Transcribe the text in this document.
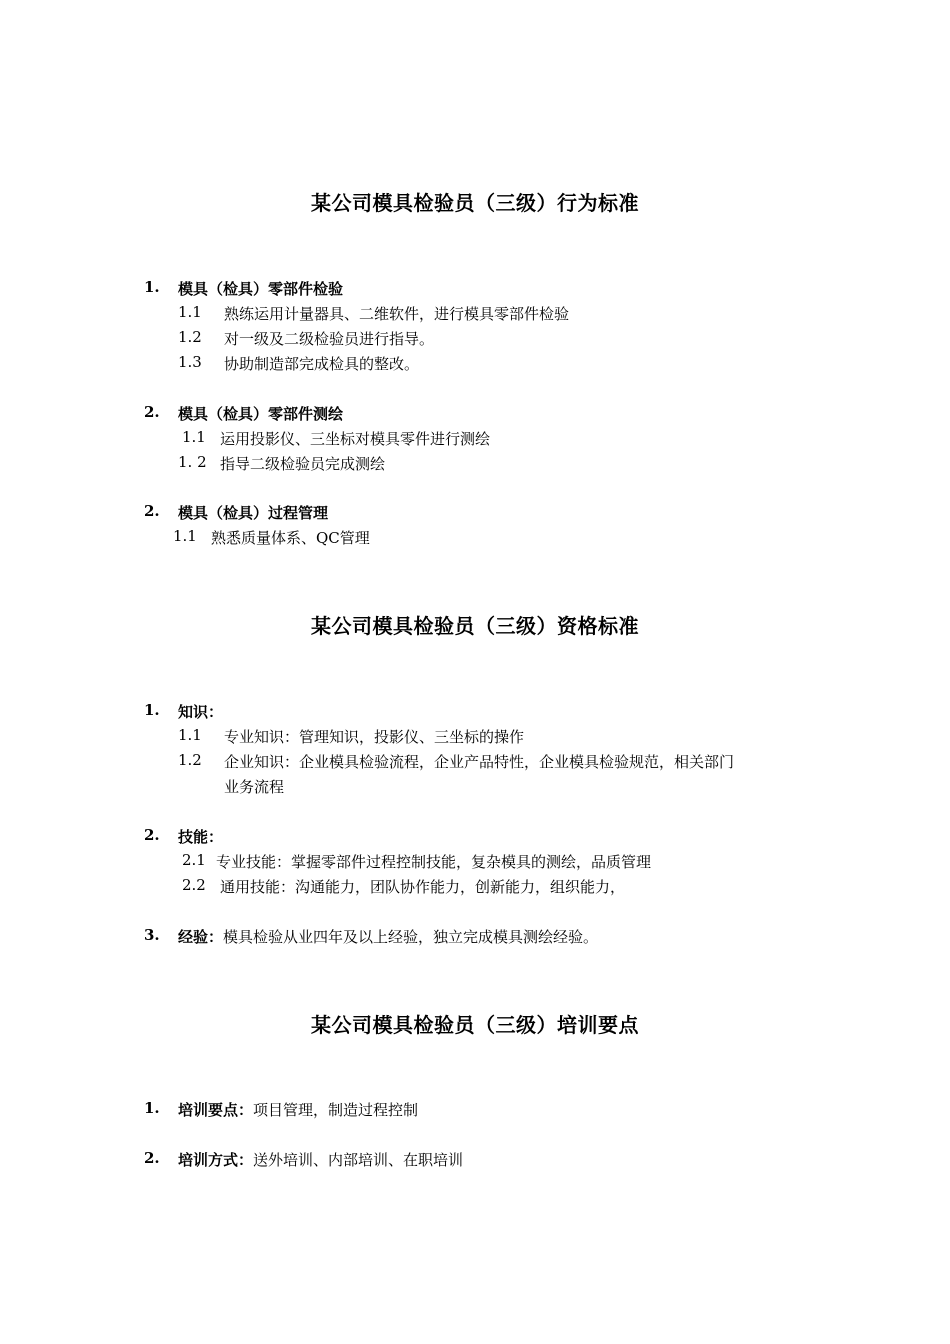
某公司模具检验员（三级）行为标准
1. 模具（检具）零部件检验
1.1 熟练运用计量器具、二维软件，进行模具零部件检验
1.2 对一级及二级检验员进行指导。
1.3 协助制造部完成检具的整改。
2. 模具（检具）零部件测绘
1.1 运用投影仪、三坐标对模具零件进行测绘
1. 2 指导二级检验员完成测绘
2. 模具（检具）过程管理
1.1 熟悉质量体系、QC管理
某公司模具检验员（三级）资格标准
1. 知识：
1.1 专业知识：管理知识，投影仪、三坐标的操作
1.2 企业知识：企业模具检验流程，企业产品特性，企业模具检验规范，相关部门
业务流程
2. 技能：
2.1 专业技能：掌握零部件过程控制技能，复杂模具的测绘，品质管理
2.2 通用技能：沟通能力，团队协作能力，创新能力，组织能力，
3. 经验：模具检验从业四年及以上经验，独立完成模具测绘经验。
某公司模具检验员（三级）培训要点
1. 培训要点：项目管理，制造过程控制
2. 培训方式：送外培训、内部培训、在职培训
